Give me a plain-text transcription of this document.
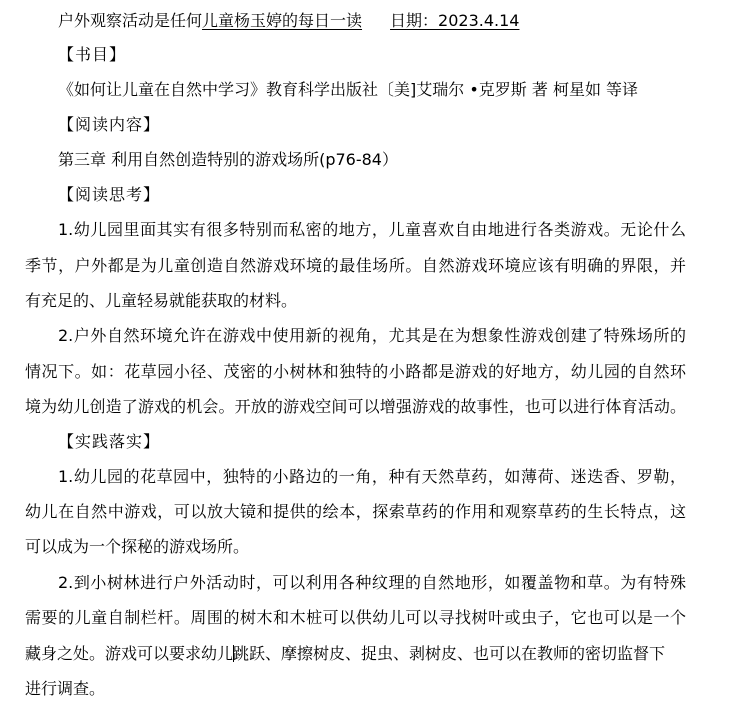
户外观察活动是任何儿童杨玉婷的每日一读 日期：2023.4.14
【书目】
《如何让儿童在自然中学习》教育科学出版社〔美]艾瑞尔 •克罗斯 著 柯星如 等译
【阅读内容】
第三章 利用自然创造特别的游戏场所(p76-84）
【阅读思考】
1.幼儿园里面其实有很多特别而私密的地方，儿童喜欢自由地进行各类游戏。无论什么
季节，户外都是为儿童创造自然游戏环境的最佳场所。自然游戏环境应该有明确的界限，并
有充足的、儿童轻易就能获取的材料。
2.户外自然环境允许在游戏中使用新的视角，尤其是在为想象性游戏创建了特殊场所的
情况下。如：花草园小径、茂密的小树林和独特的小路都是游戏的好地方，幼儿园的自然环
境为幼儿创造了游戏的机会。开放的游戏空间可以增强游戏的故事性，也可以进行体育活动。
【实践落实】
1.幼儿园的花草园中，独特的小路边的一角，种有天然草药，如薄荷、迷迭香、罗勒，
幼儿在自然中游戏，可以放大镜和提供的绘本，探索草药的作用和观察草药的生长特点，这
可以成为一个探秘的游戏场所。
2.到小树林进行户外活动时，可以利用各种纹理的自然地形，如覆盖物和草。为有特殊
需要的儿童自制栏杆。周围的树木和木桩可以供幼儿可以寻找树叶或虫子，它也可以是一个
藏身之处。游戏可以要求幼儿跳跃、摩擦树皮、捉虫、剥树皮、也可以在教师的密切监督下
进行调查。
